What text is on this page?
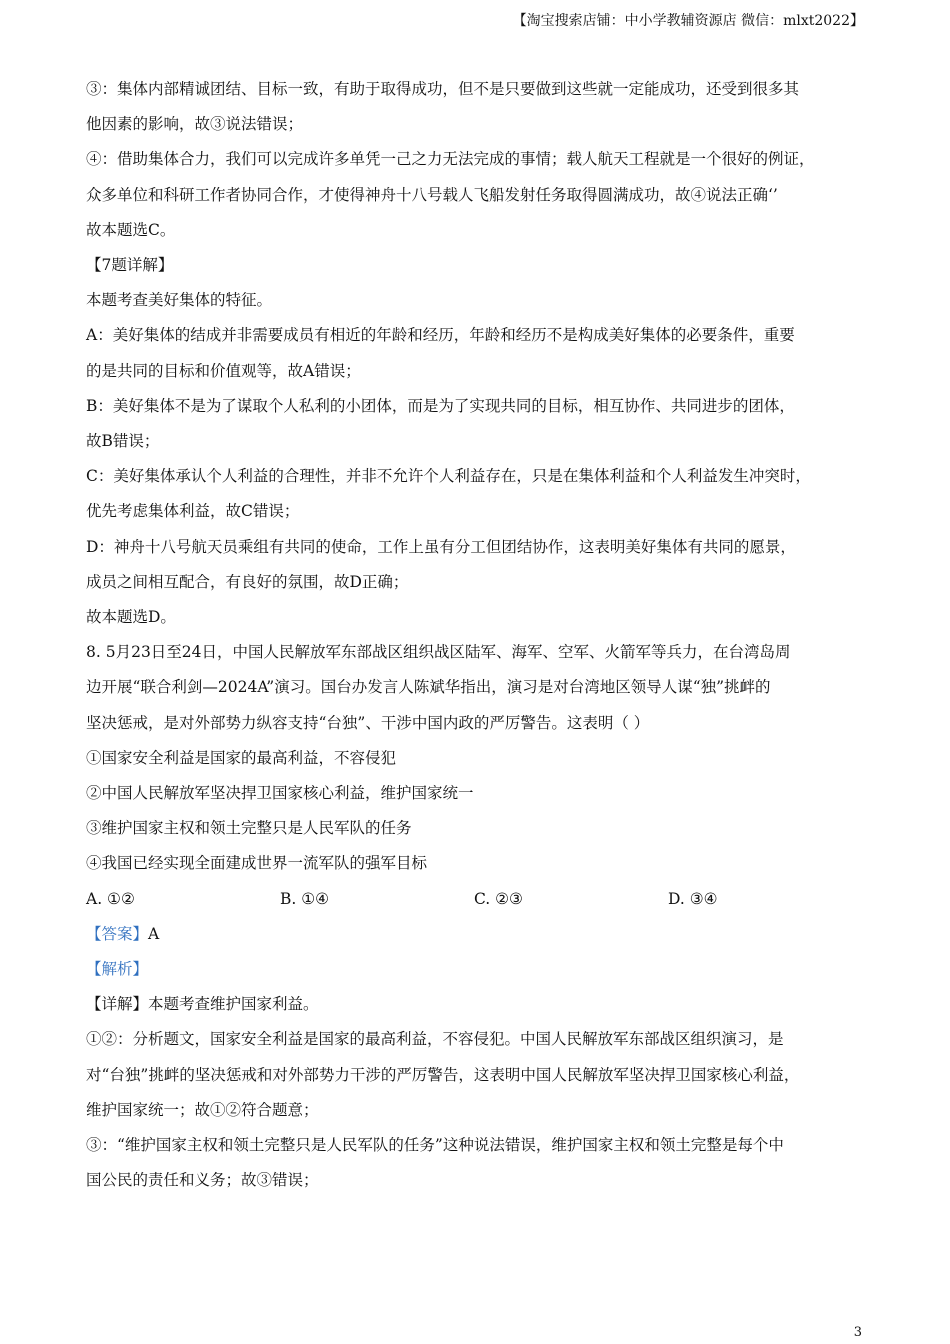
【淘宝搜索店铺：中小学教辅资源店 微信：mlxt2022】
③：集体内部精诚团结、目标一致，有助于取得成功，但不是只要做到这些就一定能成功，还受到很多其
他因素的影响，故③说法错误；
④：借助集体合力，我们可以完成许多单凭一己之力无法完成的事情；载人航天工程就是一个很好的例证，
众多单位和科研工作者协同合作，才使得神舟十八号载人飞船发射任务取得圆满成功，故④说法正确‘’
故本题选C。
【7题详解】
本题考查美好集体的特征。
A：美好集体的结成并非需要成员有相近的年龄和经历，年龄和经历不是构成美好集体的必要条件，重要
的是共同的目标和价值观等，故A错误；
B：美好集体不是为了谋取个人私利的小团体，而是为了实现共同的目标，相互协作、共同进步的团体，
故B错误；
C：美好集体承认个人利益的合理性，并非不允许个人利益存在，只是在集体利益和个人利益发生冲突时，
优先考虑集体利益，故C错误；
D：神舟十八号航天员乘组有共同的使命，工作上虽有分工但团结协作，这表明美好集体有共同的愿景，
成员之间相互配合，有良好的氛围，故D正确；
故本题选D。
8. 5月23日至24日，中国人民解放军东部战区组织战区陆军、海军、空军、火箭军等兵力，在台湾岛周
边开展“联合利剑—2024A”演习。国台办发言人陈斌华指出，演习是对台湾地区领导人谋“独”挑衅的
坚决惩戒，是对外部势力纵容支持“台独”、干涉中国内政的严厉警告。这表明（ ）
①国家安全利益是国家的最高利益，不容侵犯
②中国人民解放军坚决捍卫国家核心利益，维护国家统一
③维护国家主权和领土完整只是人民军队的任务
④我国已经实现全面建成世界一流军队的强军目标
A. ①②	B. ①④	C. ②③	D. ③④
【答案】A
【解析】
【详解】本题考查维护国家利益。
①②：分析题文，国家安全利益是国家的最高利益，不容侵犯。中国人民解放军东部战区组织演习，是
对“台独”挑衅的坚决惩戒和对外部势力干涉的严厉警告，这表明中国人民解放军坚决捍卫国家核心利益，
维护国家统一；故①②符合题意；
③：“维护国家主权和领土完整只是人民军队的任务”这种说法错误，维护国家主权和领土完整是每个中
国公民的责任和义务；故③错误；
3
